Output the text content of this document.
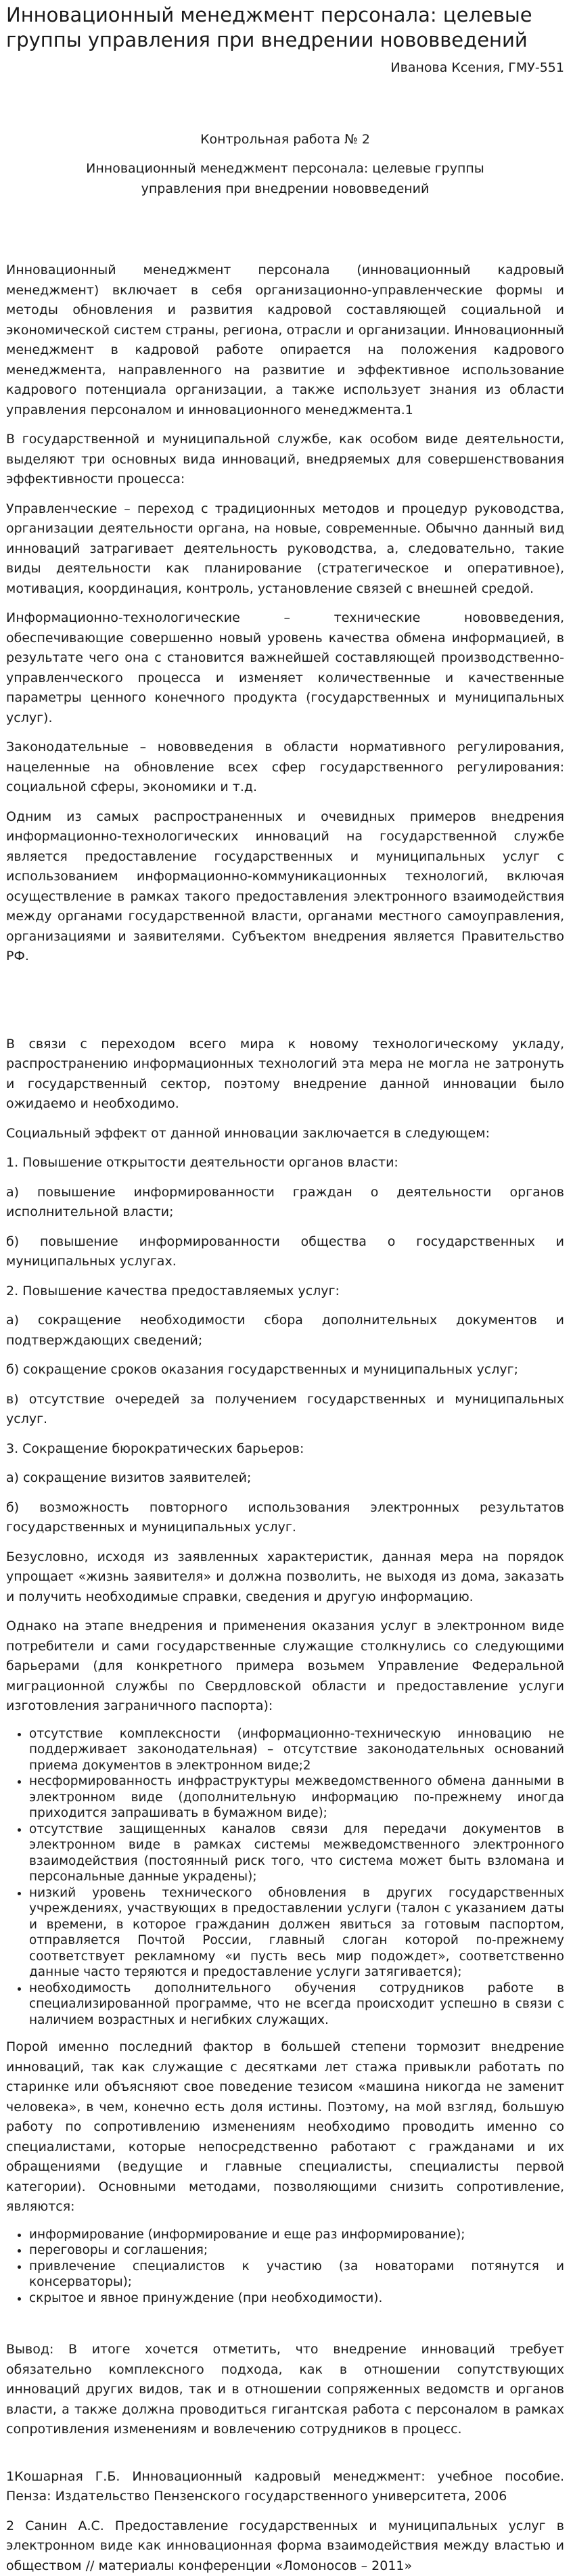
Инновационный менеджмент персонала: целевые группы управления при внедрении нововведений
Иванова Ксения, ГМУ-551
Контрольная работа № 2
Инновационный менеджмент персонала: целевые группы управления при внедрении нововведений

Инновационный менеджмент персонала (инновационный кадровый менеджмент) включает в себя организационно-управленческие формы и методы обновления и развития кадровой составляющей социальной и экономической систем страны, региона, отрасли и организации. Инновационный менеджмент в кадровой работе опирается на положения кадрового менеджмента, направленного на развитие и эффективное использование кадрового потенциала организации, а также использует знания из области управления персоналом и инновационного менеджмента.1

В государственной и муниципальной службе, как особом виде деятельности, выделяют три основных вида инноваций, внедряемых для совершенствования эффективности процесса:

Управленческие – переход с традиционных методов и процедур руководства, организации деятельности органа, на новые, современные. Обычно данный вид инноваций затрагивает деятельность руководства, а, следовательно, такие виды деятельности как планирование (стратегическое и оперативное), мотивация, координация, контроль, установление связей с внешней средой.

Информационно-технологические – технические нововведения, обеспечивающие совершенно новый уровень качества обмена информацией, в результате чего она с становится важнейшей составляющей производственно-управленческого процесса и изменяет количественные и качественные параметры ценного конечного продукта (государственных и муниципальных услуг).

Законодательные – нововведения в области нормативного регулирования, нацеленные на обновление всех сфер государственного регулирования: социальной сферы, экономики и т.д.

Одним из самых распространенных и очевидных примеров внедрения информационно-технологических инноваций на государственной службе является предоставление государственных и муниципальных услуг с использованием информационно-коммуникационных технологий, включая осуществление в рамках такого предоставления электронного взаимодействия между органами государственной власти, органами местного самоуправления, организациями и заявителями. Субъектом внедрения является Правительство РФ.

В связи с переходом всего мира к новому технологическому укладу, распространению информационных технологий эта мера не могла не затронуть и государственный сектор, поэтому внедрение данной инновации было ожидаемо и необходимо.

Социальный эффект от данной инновации заключается в следующем:

1. Повышение открытости деятельности органов власти:

а) повышение информированности граждан о деятельности органов исполнительной власти;

б) повышение информированности общества о государственных и муниципальных услугах.

2. Повышение качества предоставляемых услуг:

а) сокращение необходимости сбора дополнительных документов и подтверждающих сведений;

б) сокращение сроков оказания государственных и муниципальных услуг;

в) отсутствие очередей за получением государственных и муниципальных услуг.

3. Сокращение бюрократических барьеров:

а) сокращение визитов заявителей;

б) возможность повторного использования электронных результатов государственных и муниципальных услуг.

Безусловно, исходя из заявленных характеристик, данная мера на порядок упрощает «жизнь заявителя» и должна позволить, не выходя из дома, заказать и получить необходимые справки, сведения и другую информацию.

Однако на этапе внедрения и применения оказания услуг в электронном виде потребители и сами государственные служащие столкнулись со следующими барьерами (для конкретного примера возьмем Управление Федеральной миграционной службы по Свердловской области и предоставление услуги изготовления заграничного паспорта):

• отсутствие комплексности (информационно-техническую инновацию не поддерживает законодательная) – отсутствие законодательных оснований приема документов в электронном виде;2
• несформированность инфраструктуры межведомственного обмена данными в электронном виде (дополнительную информацию по-прежнему иногда приходится запрашивать в бумажном виде);
• отсутствие защищенных каналов связи для передачи документов в электронном виде в рамках системы межведомственного электронного взаимодействия (постоянный риск того, что система может быть взломана и персональные данные украдены);
• низкий уровень технического обновления в других государственных учреждениях, участвующих в предоставлении услуги (талон с указанием даты и времени, в которое гражданин должен явиться за готовым паспортом, отправляется Почтой России, главный слоган которой по-прежнему соответствует рекламному «и пусть весь мир подождет», соответственно данные часто теряются и предоставление услуги затягивается);
• необходимость дополнительного обучения сотрудников работе в специализированной программе, что не всегда происходит успешно в связи с наличием возрастных и негибких служащих.

Порой именно последний фактор в большей степени тормозит внедрение инноваций, так как служащие с десятками лет стажа привыкли работать по старинке или объясняют свое поведение тезисом «машина никогда не заменит человека», в чем, конечно есть доля истины. Поэтому, на мой взгляд, большую работу по сопротивлению изменениям необходимо проводить именно со специалистами, которые непосредственно работают с гражданами и их обращениями (ведущие и главные специалисты, специалисты первой категории). Основными методами, позволяющими снизить сопротивление, являются:

• информирование (информирование и еще раз информирование);
• переговоры и соглашения;
• привлечение специалистов к участию (за новаторами потянутся и консерваторы);
• скрытое и явное принуждение (при необходимости).

Вывод: В итоге хочется отметить, что внедрение инноваций требует обязательно комплексного подхода, как в отношении сопутствующих инноваций других видов, так и в отношении сопряженных ведомств и органов власти, а также должна проводиться гигантская работа с персоналом в рамках сопротивления изменениям и вовлечению сотрудников в процесс.

1Кошарная Г.Б. Инновационный кадровый менеджмент: учебное пособие. Пенза: Издательство Пензенского государственного университета, 2006

2 Санин А.С. Предоставление государственных и муниципальных услуг в электронном виде как инновационная форма взаимодействия между властью и обществом // материалы конференции «Ломоносов – 2011»
